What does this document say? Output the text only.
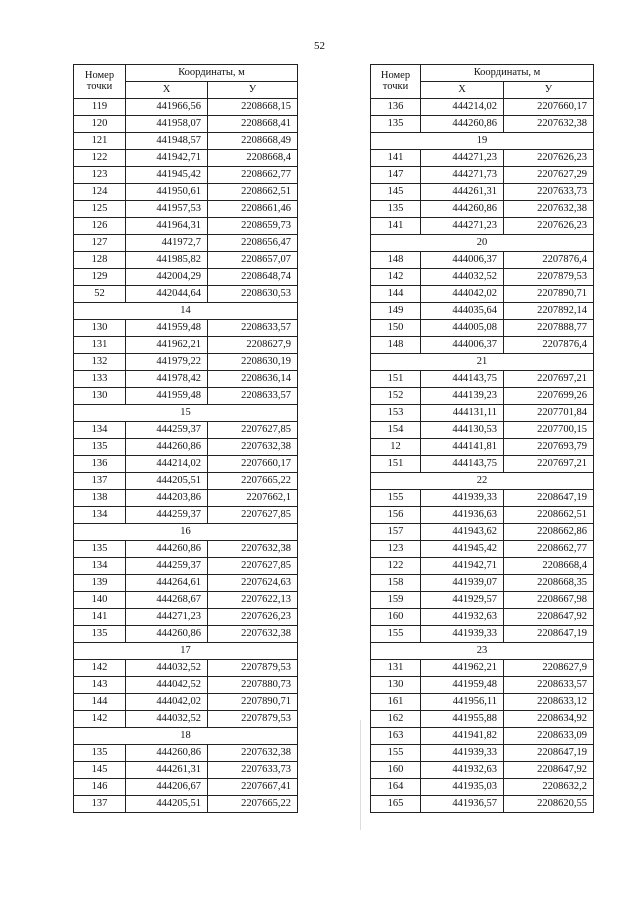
52
Номер
точки	Координаты, м	
	Х	У
119	441966,56	2208668,15
120	441958,07	2208668,41
121	441948,57	2208668,49
122	441942,71	2208668,4
123	441945,42	2208662,77
124	441950,61	2208662,51
125	441957,53	2208661,46
126	441964,31	2208659,73
127	441972,7	2208656,47
128	441985,82	2208657,07
129	442004,29	2208648,74
52	442044,64	2208630,53
14		
130	441959,48	2208633,57
131	441962,21	2208627,9
132	441979,22	2208630,19
133	441978,42	2208636,14
130	441959,48	2208633,57
15		
134	444259,37	2207627,85
135	444260,86	2207632,38
136	444214,02	2207660,17
137	444205,51	2207665,22
138	444203,86	2207662,1
134	444259,37	2207627,85
16		
135	444260,86	2207632,38
134	444259,37	2207627,85
139	444264,61	2207624,63
140	444268,67	2207622,13
141	444271,23	2207626,23
135	444260,86	2207632,38
17		
142	444032,52	2207879,53
143	444042,52	2207880,73
144	444042,02	2207890,71
142	444032,52	2207879,53
18		
135	444260,86	2207632,38
145	444261,31	2207633,73
146	444206,67	2207667,41
137	444205,51	2207665,22
Номер
точки	Координаты, м	
	Х	У
136	444214,02	2207660,17
135	444260,86	2207632,38
19		
141	444271,23	2207626,23
147	444271,73	2207627,29
145	444261,31	2207633,73
135	444260,86	2207632,38
141	444271,23	2207626,23
20		
148	444006,37	2207876,4
142	444032,52	2207879,53
144	444042,02	2207890,71
149	444035,64	2207892,14
150	444005,08	2207888,77
148	444006,37	2207876,4
21		
151	444143,75	2207697,21
152	444139,23	2207699,26
153	444131,11	2207701,84
154	444130,53	2207700,15
12	444141,81	2207693,79
151	444143,75	2207697,21
22		
155	441939,33	2208647,19
156	441936,63	2208662,51
157	441943,62	2208662,86
123	441945,42	2208662,77
122	441942,71	2208668,4
158	441939,07	2208668,35
159	441929,57	2208667,98
160	441932,63	2208647,92
155	441939,33	2208647,19
23		
131	441962,21	2208627,9
130	441959,48	2208633,57
161	441956,11	2208633,12
162	441955,88	2208634,92
163	441941,82	2208633,09
155	441939,33	2208647,19
160	441932,63	2208647,92
164	441935,03	2208632,2
165	441936,57	2208620,55
